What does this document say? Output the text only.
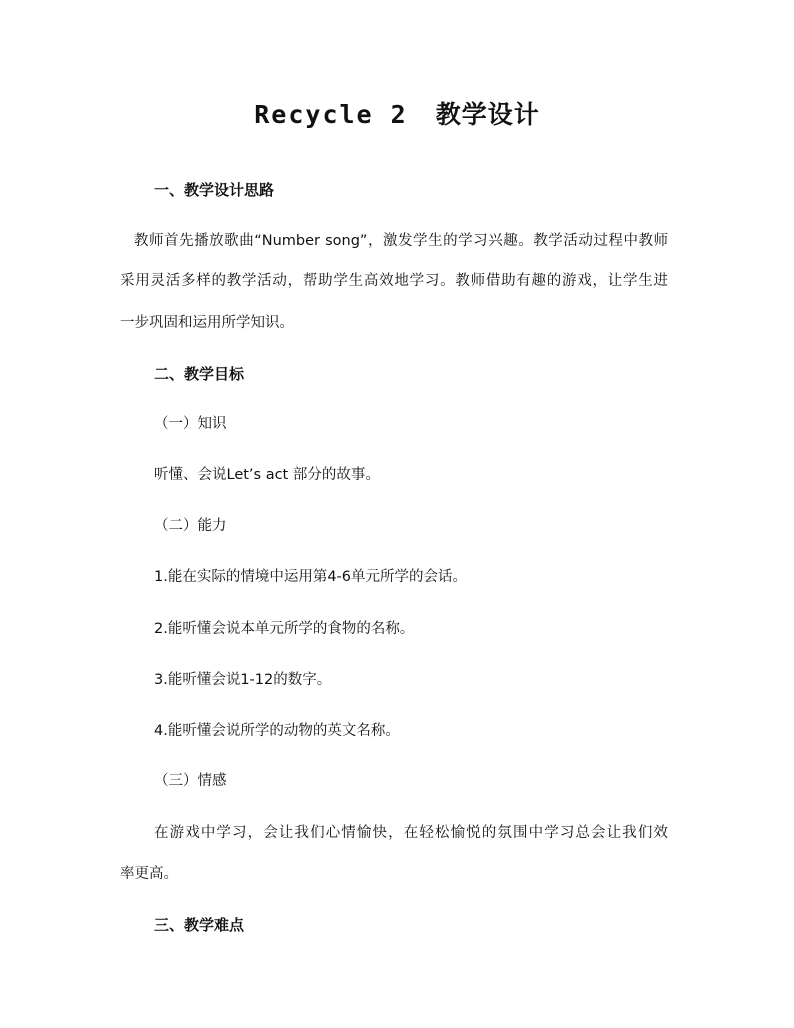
Recycle 2 教学设计
一、教学设计思路
教师首先播放歌曲“Number song”，激发学生的学习兴趣。教学活动过程中教师
采用灵活多样的教学活动，帮助学生高效地学习。教师借助有趣的游戏，让学生进
一步巩固和运用所学知识。
二、教学目标
（一）知识
听懂、会说Let’s act 部分的故事。
（二）能力
1.能在实际的情境中运用第4-6单元所学的会话。
2.能听懂会说本单元所学的食物的名称。
3.能听懂会说1-12的数字。
4.能听懂会说所学的动物的英文名称。
（三）情感
在游戏中学习，会让我们心情愉快，在轻松愉悦的氛围中学习总会让我们效
率更高。
三、教学难点
